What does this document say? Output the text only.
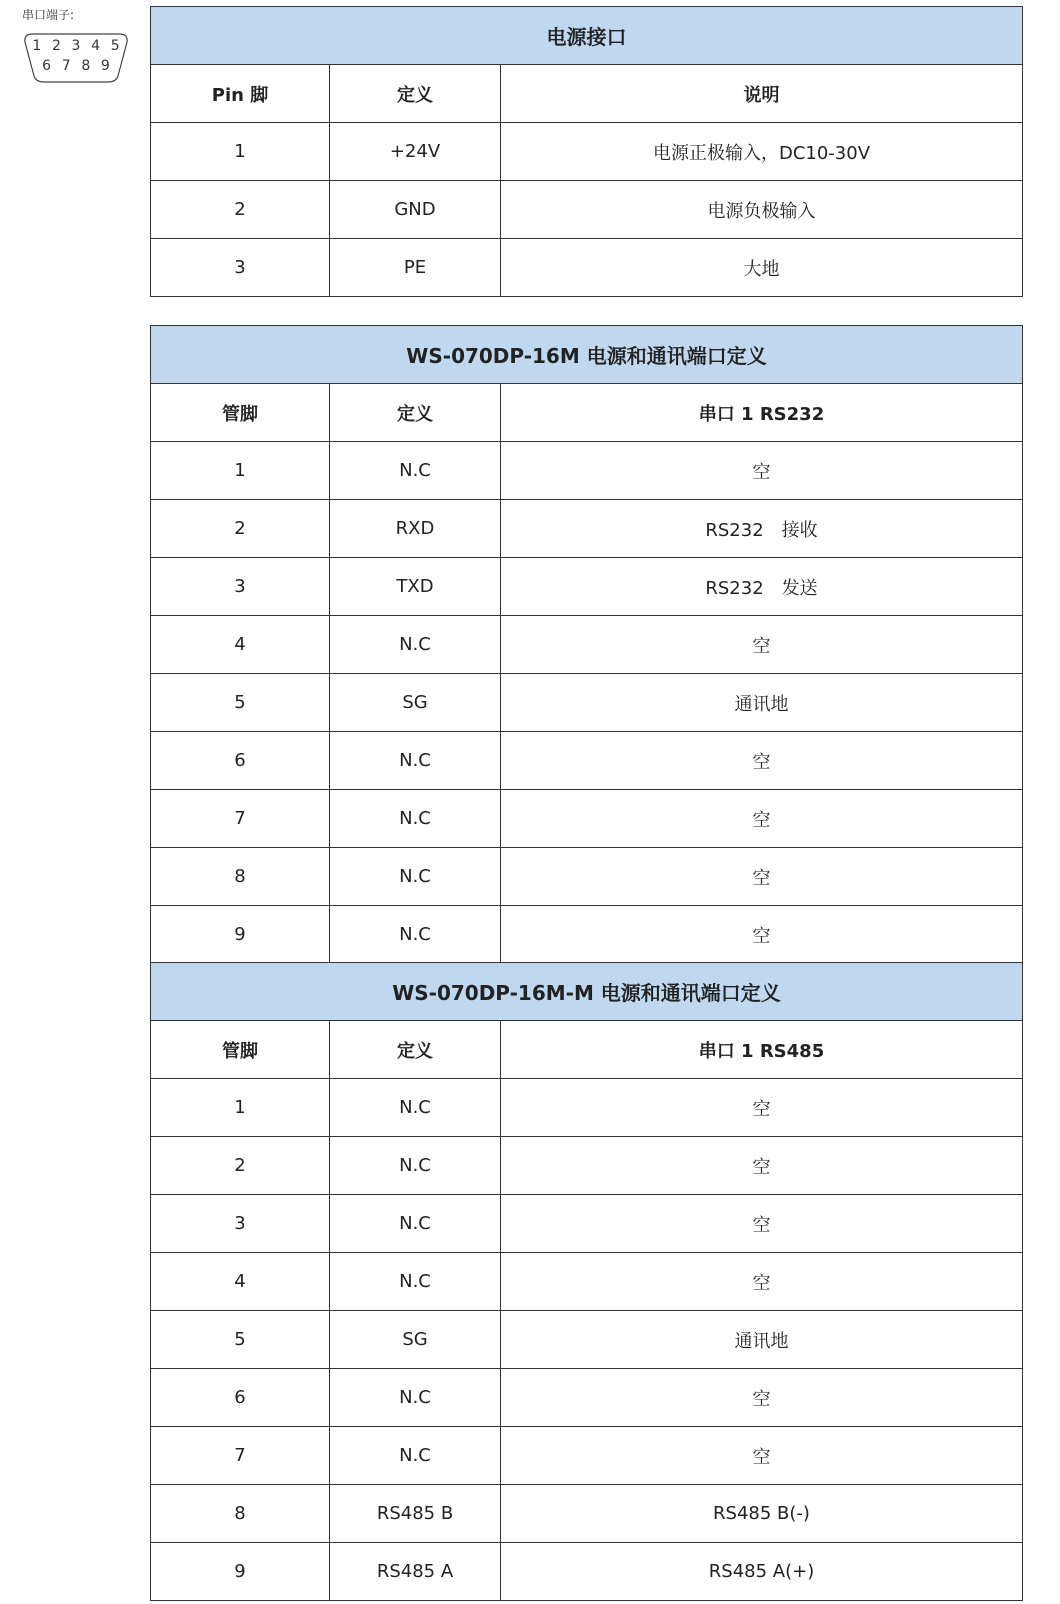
串口端子:
1 2 3 4 5
6 7 8 9
电源接口		
Pin 脚	定义	说明
1	+24V	电源正极输入，DC10-30V
2	GND	电源负极输入
3	PE	大地
WS-070DP-16M 电源和通讯端口定义		
管脚	定义	串口 1 RS232
1	N.C	空
2	RXD	RS232　接收
3	TXD	RS232　发送
4	N.C	空
5	SG	通讯地
6	N.C	空
7	N.C	空
8	N.C	空
9	N.C	空
WS-070DP-16M-M 电源和通讯端口定义		
管脚	定义	串口 1 RS485
1	N.C	空
2	N.C	空
3	N.C	空
4	N.C	空
5	SG	通讯地
6	N.C	空
7	N.C	空
8	RS485 B	RS485 B(-)
9	RS485 A	RS485 A(+)
